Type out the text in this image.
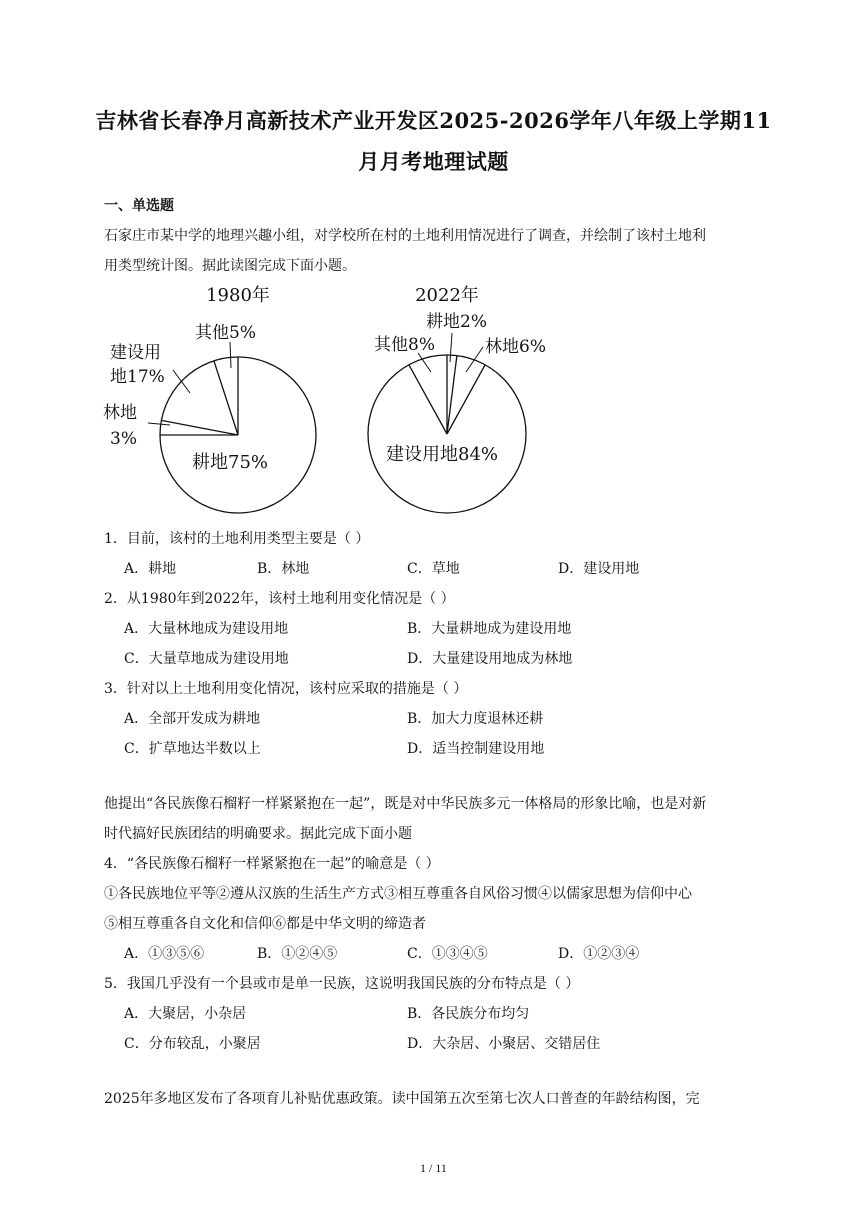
吉林省长春净月高新技术产业开发区2025-2026学年八年级上学期11
月月考地理试题
一、单选题
石家庄市某中学的地理兴趣小组，对学校所在村的土地利用情况进行了调查，并绘制了该村土地利
用类型统计图。据此读图完成下面小题。
1980年
其他5%
建设用
地17%
林地
3%
耕地75%
2022年
耕地2%
其他8%	林地6%
建设用地84%
1．目前，该村的土地利用类型主要是（ ）
A．耕地	B．林地	C．草地	D．建设用地
2．从1980年到2022年，该村土地利用变化情况是（ ）
A．大量林地成为建设用地	B．大量耕地成为建设用地
C．大量草地成为建设用地	D．大量建设用地成为林地
3．针对以上土地利用变化情况，该村应采取的措施是（ ）
A．全部开发成为耕地	B．加大力度退林还耕
C．扩草地达半数以上	D．适当控制建设用地
他提出“各民族像石榴籽一样紧紧抱在一起”，既是对中华民族多元一体格局的形象比喻，也是对新
时代搞好民族团结的明确要求。据此完成下面小题
4．“各民族像石榴籽一样紧紧抱在一起”的喻意是（ ）
①各民族地位平等②遵从汉族的生活生产方式③相互尊重各自风俗习惯④以儒家思想为信仰中心
⑤相互尊重各自文化和信仰⑥都是中华文明的缔造者
A．①③⑤⑥	B．①②④⑤	C．①③④⑤	D．①②③④
5．我国几乎没有一个县或市是单一民族，这说明我国民族的分布特点是（ ）
A．大聚居，小杂居	B．各民族分布均匀
C．分布较乱，小聚居	D．大杂居、小聚居、交错居住
2025年多地区发布了各项育儿补贴优惠政策。读中国第五次至第七次人口普查的年龄结构图，完
1 / 11
